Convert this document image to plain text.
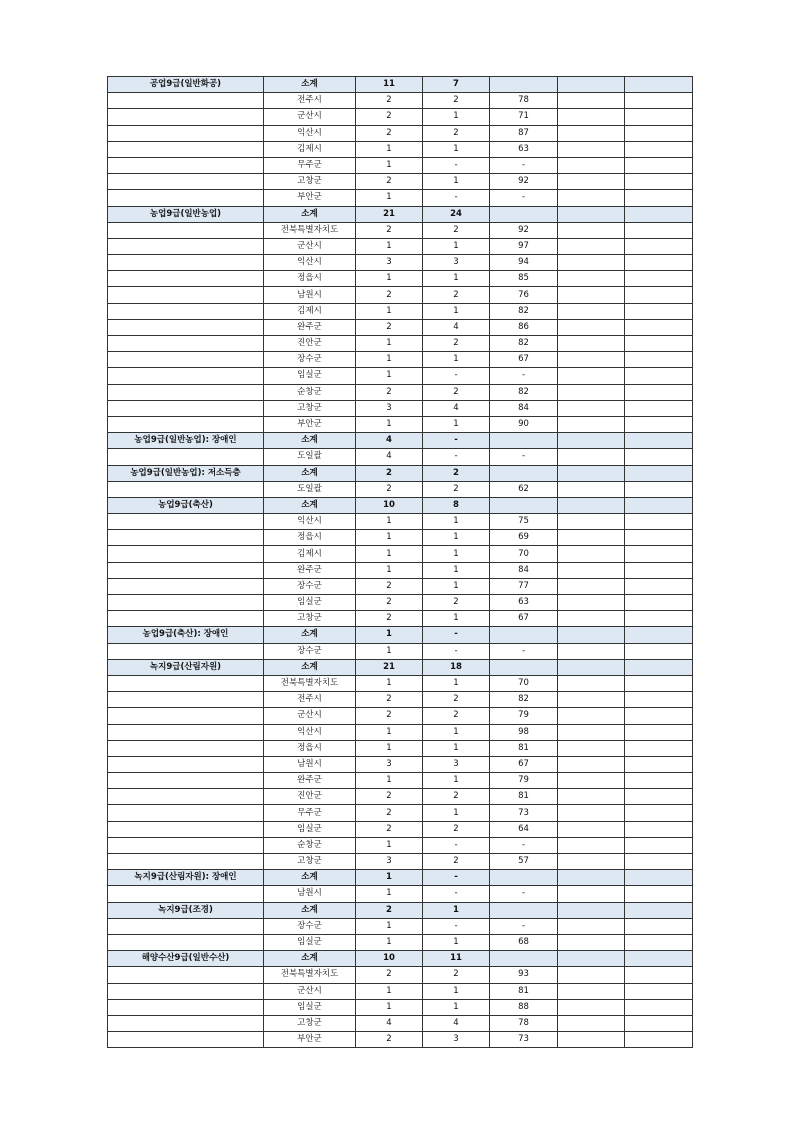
공업9급(일반화공)	소계	11	7			
	전주시	2	2	78		
	군산시	2	1	71		
	익산시	2	2	87		
	김제시	1	1	63		
	무주군	1	-	-		
	고창군	2	1	92		
	부안군	1	-	-		
농업9급(일반농업)	소계	21	24			
	전북특별자치도	2	2	92		
	군산시	1	1	97		
	익산시	3	3	94		
	정읍시	1	1	85		
	남원시	2	2	76		
	김제시	1	1	82		
	완주군	2	4	86		
	진안군	1	2	82		
	장수군	1	1	67		
	임실군	1	-	-		
	순창군	2	2	82		
	고창군	3	4	84		
	부안군	1	1	90		
농업9급(일반농업): 장애인	소계	4	-			
	도일괄	4	-	-		
농업9급(일반농업): 저소득층	소계	2	2			
	도일괄	2	2	62		
농업9급(축산)	소계	10	8			
	익산시	1	1	75		
	정읍시	1	1	69		
	김제시	1	1	70		
	완주군	1	1	84		
	장수군	2	1	77		
	임실군	2	2	63		
	고창군	2	1	67		
농업9급(축산): 장애인	소계	1	-			
	장수군	1	-	-		
녹지9급(산림자원)	소계	21	18			
	전북특별자치도	1	1	70		
	전주시	2	2	82		
	군산시	2	2	79		
	익산시	1	1	98		
	정읍시	1	1	81		
	남원시	3	3	67		
	완주군	1	1	79		
	진안군	2	2	81		
	무주군	2	1	73		
	임실군	2	2	64		
	순창군	1	-	-		
	고창군	3	2	57		
녹지9급(산림자원): 장애인	소계	1	-			
	남원시	1	-	-		
녹지9급(조경)	소계	2	1			
	장수군	1	-	-		
	임실군	1	1	68		
해양수산9급(일반수산)	소계	10	11			
	전북특별자치도	2	2	93		
	군산시	1	1	81		
	임실군	1	1	88		
	고창군	4	4	78		
	부안군	2	3	73		
